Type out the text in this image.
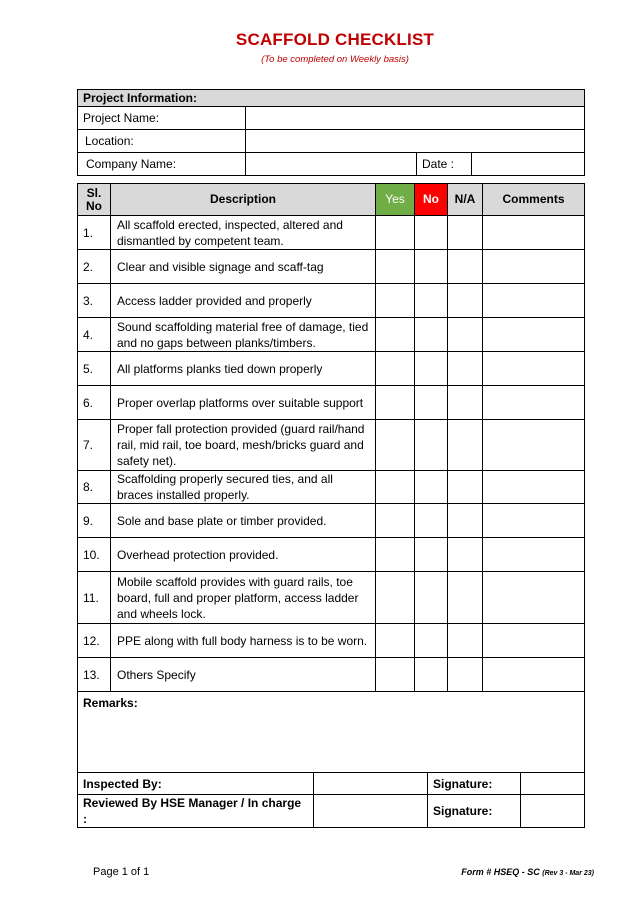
SCAFFOLD CHECKLIST
(To be completed on Weekly basis)
Project Information:			
Project Name:			
Location:			
Company Name:		Date :	
Sl. No	Description	Yes	No	N/A	Comments
1.	All scaffold erected, inspected, altered and dismantled by competent team.				
2.	Clear and visible signage and scaff-tag				
3.	Access ladder provided and properly				
4.	Sound scaffolding material free of damage, tied and no gaps between planks/timbers.				
5.	All platforms planks tied down properly				
6.	Proper overlap platforms over suitable support				
7.	Proper fall protection provided (guard rail/hand rail, mid rail, toe board, mesh/bricks guard and safety net).				
8.	Scaffolding properly secured ties, and all braces installed properly.				
9.	Sole and base plate or timber provided.				
10.	Overhead protection provided.				
11.	Mobile scaffold provides with guard rails, toe board, full and proper platform, access ladder and wheels lock.				
12.	PPE along with full body harness is to be worn.				
13.	Others Specify				
Remarks:			
Inspected By:		Signature:	
Reviewed By HSE Manager / In charge :		Signature:	
Page 1 of 1	Form # HSEQ - SC (Rev 3 - Mar 23)
